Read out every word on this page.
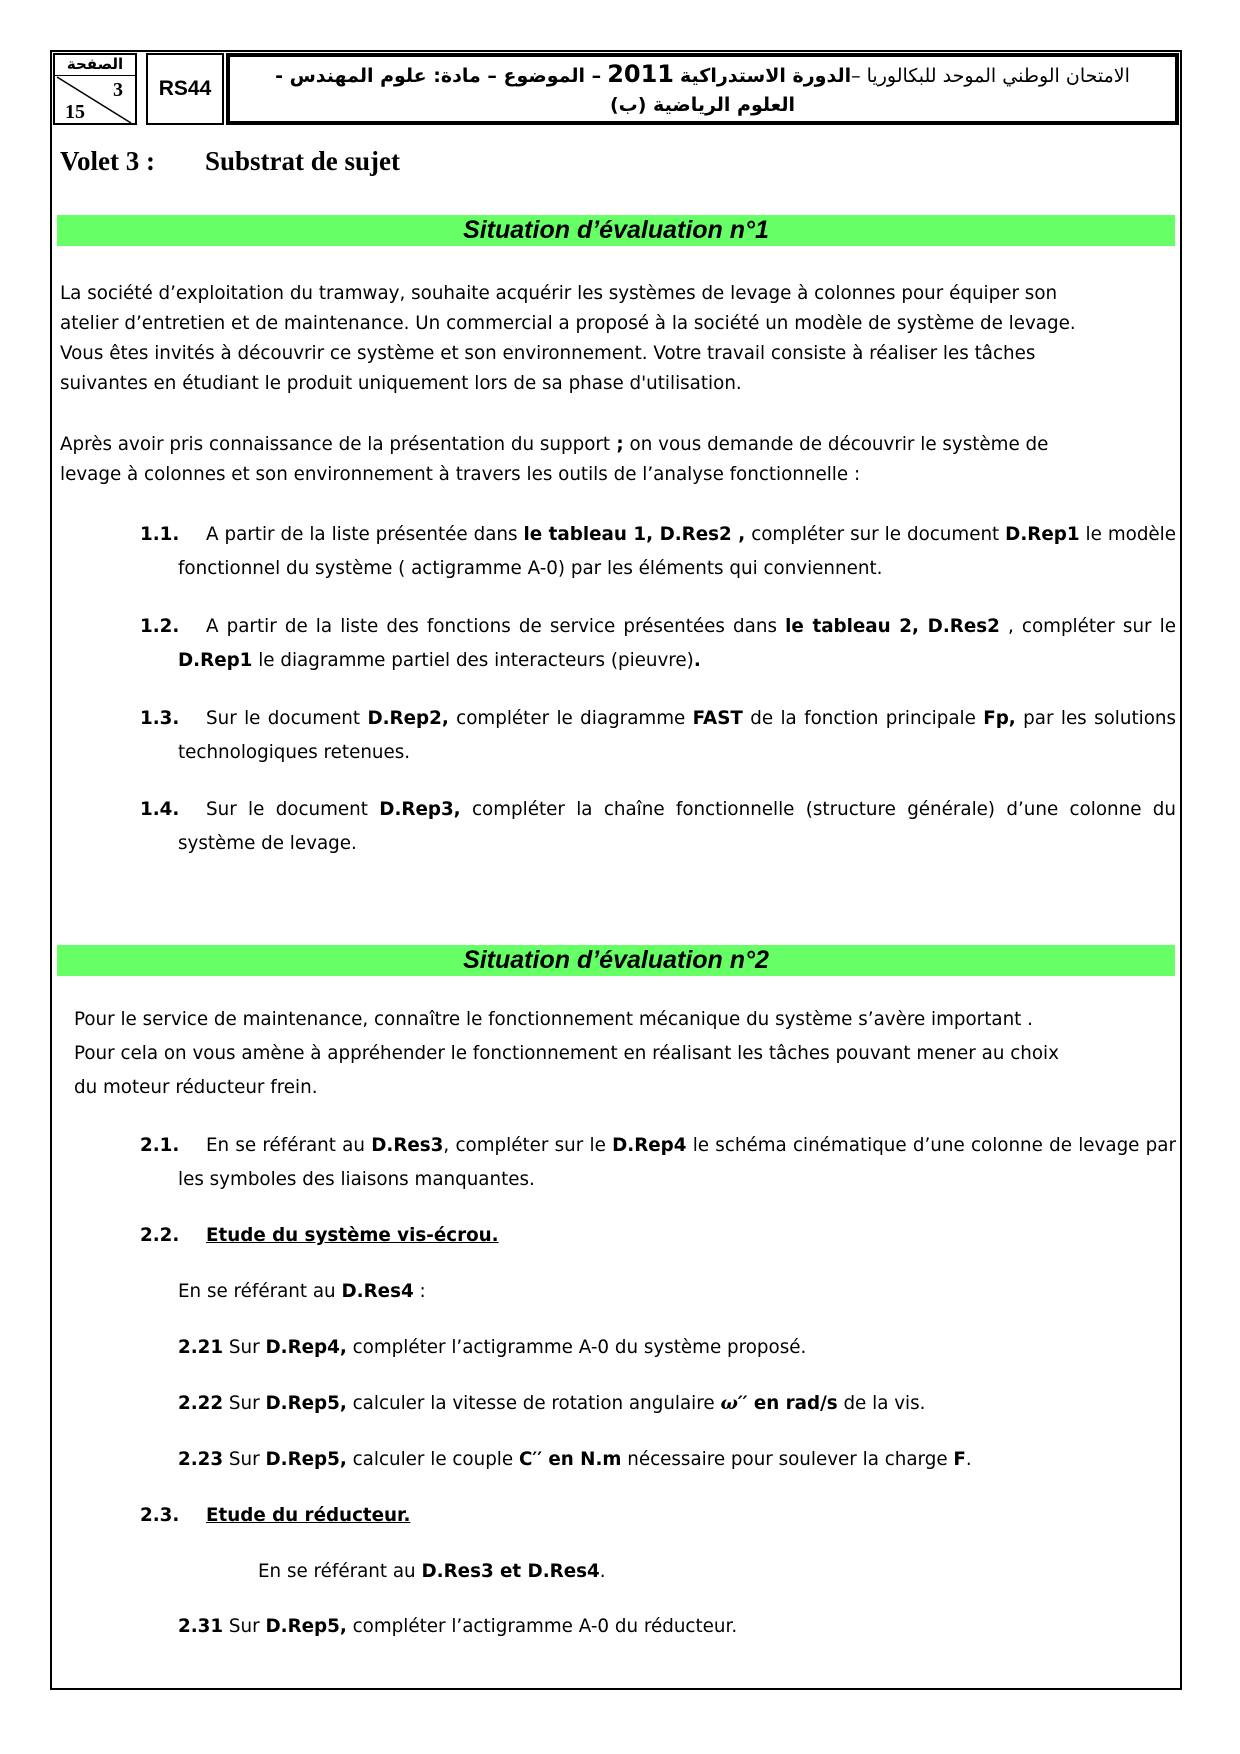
الصفحة
3
15
RS44
الامتحان الوطني الموحد للبكالوريا –الدورة الاستدراكية 2011 – الموضوع – مادة: علوم المهندس - العلوم الرياضية (ب)
Volet 3 : Substrat de sujet
Situation d’évaluation n°1
La société d’exploitation du tramway, souhaite acquérir les systèmes de levage à colonnes pour équiper son
atelier d’entretien et de maintenance. Un commercial a proposé à la société un modèle de système de levage.
Vous êtes invités à découvrir ce système et son environnement. Votre travail consiste à réaliser les tâches
suivantes en étudiant le produit uniquement lors de sa phase d'utilisation.
Après avoir pris connaissance de la présentation du support ; on vous demande de découvrir le système de
levage à colonnes et son environnement à travers les outils de l’analyse fonctionnelle :
1.1. A partir de la liste présentée dans le tableau 1, D.Res2 , compléter sur le document D.Rep1 le modèle fonctionnel du système ( actigramme A-0) par les éléments qui conviennent.
1.2. A partir de la liste des fonctions de service présentées dans le tableau 2, D.Res2 , compléter sur le D.Rep1 le diagramme partiel des interacteurs (pieuvre).
1.3. Sur le document D.Rep2, compléter le diagramme FAST de la fonction principale Fp, par les solutions technologiques retenues.
1.4. Sur le document D.Rep3, compléter la chaîne fonctionnelle (structure générale) d’une colonne du système de levage.
Situation d’évaluation n°2
Pour le service de maintenance, connaître le fonctionnement mécanique du système s’avère important .
Pour cela on vous amène à appréhender le fonctionnement en réalisant les tâches pouvant mener au choix
du moteur réducteur frein.
2.1. En se référant au D.Res3, compléter sur le D.Rep4 le schéma cinématique d’une colonne de levage par les symboles des liaisons manquantes.
2.2. Etude du système vis-écrou.
En se référant au D.Res4 :
2.21 Sur D.Rep4, compléter l’actigramme A-0 du système proposé.
2.22 Sur D.Rep5, calculer la vitesse de rotation angulaire ω′′ en rad/s de la vis.
2.23 Sur D.Rep5, calculer le couple C′′ en N.m nécessaire pour soulever la charge F.
2.3. Etude du réducteur.
En se référant au D.Res3 et D.Res4.
2.31 Sur D.Rep5, compléter l’actigramme A-0 du réducteur.
